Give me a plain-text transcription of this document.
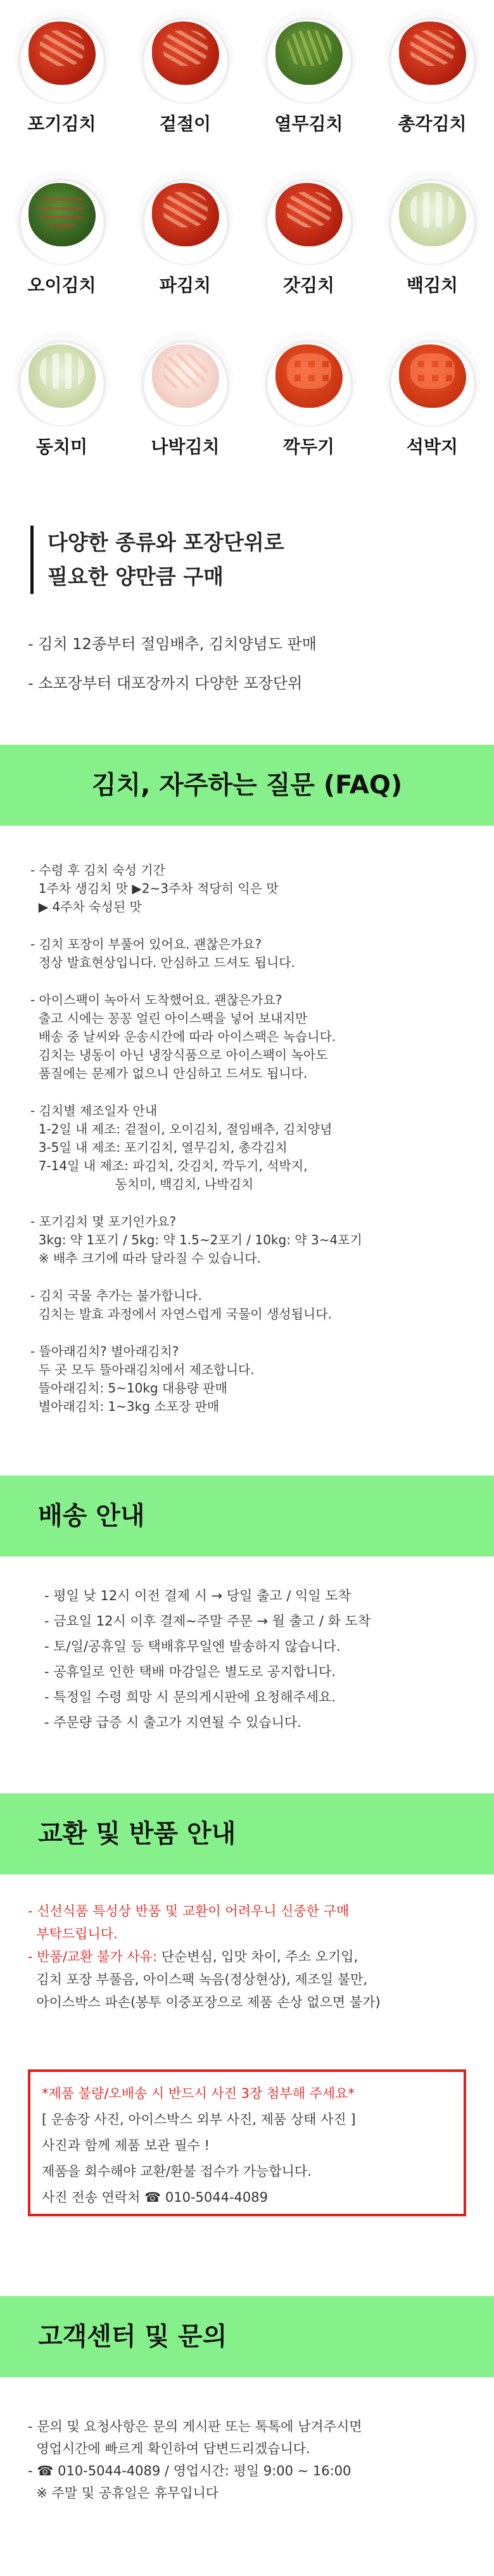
포기김치	겉절이	열무김치	총각김치
오이김치	파김치	갓김치	백김치
동치미	나박김치	깍두기	석박지
다양한 종류와 포장단위로
필요한 양만큼 구매
- 김치 12종부터 절임배추, 김치양념도 판매
- 소포장부터 대포장까지 다양한 포장단위
김치, 자주하는 질문 (FAQ)
- 수령 후 김치 숙성 기간
1주차 생김치 맛 ▶2~3주차 적당히 익은 맛
▶ 4주차 숙성된 맛
- 김치 포장이 부풀어 있어요. 괜찮은가요?
정상 발효현상입니다. 안심하고 드셔도 됩니다.
- 아이스팩이 녹아서 도착했어요. 괜찮은가요?
출고 시에는 꽁꽁 얼린 아이스팩을 넣어 보내지만
배송 중 날씨와 운송시간에 따라 아이스팩은 녹습니다.
김치는 냉동이 아닌 냉장식품으로 아이스팩이 녹아도
품질에는 문제가 없으니 안심하고 드셔도 됩니다.
- 김치별 제조일자 안내
1-2일 내 제조: 겉절이, 오이김치, 절임배추, 김치양념
3-5일 내 제조: 포기김치, 열무김치, 총각김치
7-14일 내 제조: 파김치, 갓김치, 깍두기, 석박지,
동치미, 백김치, 나박김치
- 포기김치 몇 포기인가요?
3kg: 약 1포기 / 5kg: 약 1.5~2포기 / 10kg: 약 3~4포기
※ 배추 크기에 따라 달라질 수 있습니다.
- 김치 국물 추가는 불가합니다.
김치는 발효 과정에서 자연스럽게 국물이 생성됩니다.
- 뜰아래김치? 별아래김치?
두 곳 모두 뜰아래김치에서 제조합니다.
뜰아래김치: 5~10kg 대용량 판매
별아래김치: 1~3kg 소포장 판매
배송 안내
- 평일 낮 12시 이전 결제 시 → 당일 출고 / 익일 도착
- 금요일 12시 이후 결제~주말 주문 → 월 출고 / 화 도착
- 토/일/공휴일 등 택배휴무일엔 발송하지 않습니다.
- 공휴일로 인한 택배 마감일은 별도로 공지합니다.
- 특정일 수령 희망 시 문의게시판에 요청해주세요.
- 주문량 급증 시 출고가 지연될 수 있습니다.
교환 및 반품 안내
- 신선식품 특성상 반품 및 교환이 어려우니 신중한 구매
부탁드립니다.
- 반품/교환 불가 사유: 단순변심, 입맛 차이, 주소 오기입,
김치 포장 부풀음, 아이스팩 녹음(정상현상), 제조일 불만,
아이스박스 파손(봉투 이중포장으로 제품 손상 없으면 불가)
*제품 불량/오배송 시 반드시 사진 3장 첨부해 주세요*
[ 운송장 사진, 아이스박스 외부 사진, 제품 상태 사진 ]
사진과 함께 제품 보관 필수 !
제품을 회수해야 교환/환불 접수가 가능합니다.
사진 전송 연락처 ☎ 010-5044-4089
고객센터 및 문의
- 문의 및 요청사항은 문의 게시판 또는 톡톡에 남겨주시면
영업시간에 빠르게 확인하여 답변드리겠습니다.
- ☎ 010-5044-4089 / 영업시간: 평일 9:00 ~ 16:00
※ 주말 및 공휴일은 휴무입니다
